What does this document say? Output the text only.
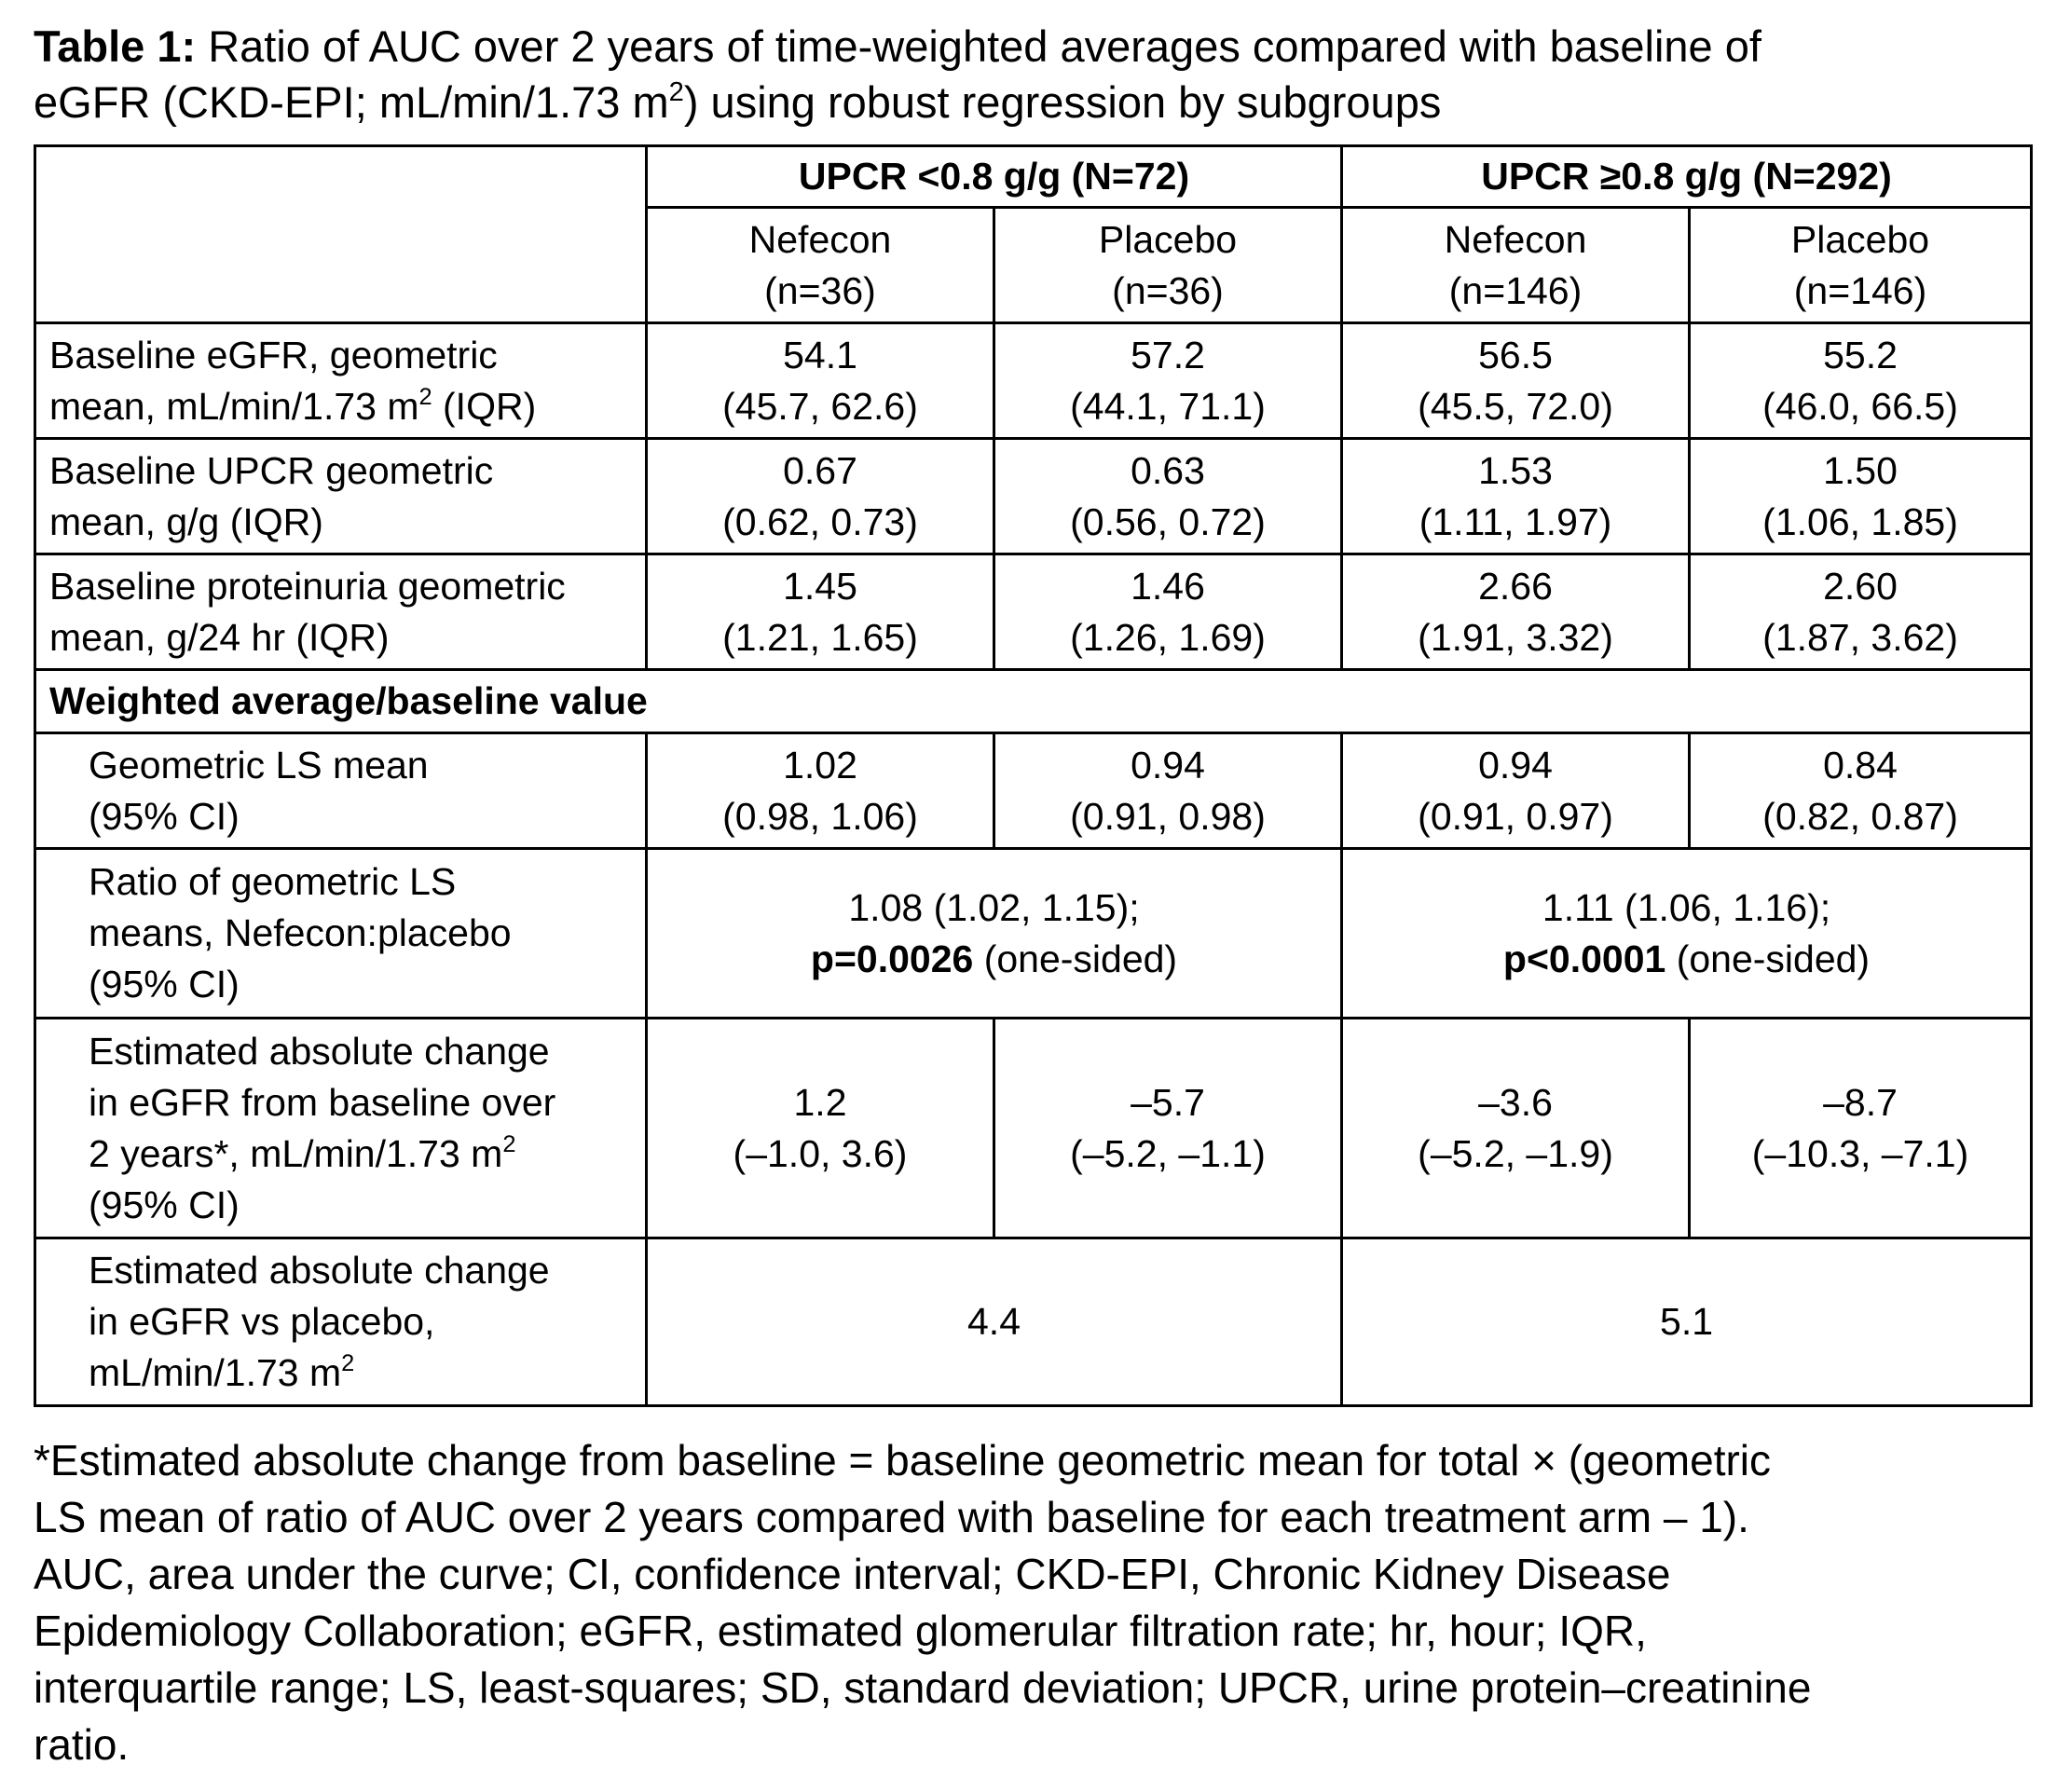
Table 1: Ratio of AUC over 2 years of time-weighted averages compared with baseline of
eGFR (CKD-EPI; mL/min/1.73 $m^2$) using robust regression by subgroups
	UPCR <0.8 g/g (N=72)		UPCR ≥0.8 g/g (N=292)	

	Nefecon
(n=36)	Placebo
(n=36)	Nefecon
(n=146)	Placebo
(n=146)

Baseline eGFR, geometric
mean, mL/min/1.73 $m^2$ (IQR)	54.1
(45.7, 62.6)	57.2
(44.1, 71.1)	56.5
(45.5, 72.0)	55.2
(46.0, 66.5)

Baseline UPCR geometric
mean, g/g (IQR)	0.67
(0.62, 0.73)	0.63
(0.56, 0.72)	1.53
(1.11, 1.97)	1.50
(1.06, 1.85)

Baseline proteinuria geometric
mean, g/24 hr (IQR)	1.45
(1.21, 1.65)	1.46
(1.26, 1.69)	2.66
(1.91, 3.32)	2.60
(1.87, 3.62)

Weighted average/baseline value				

Geometric LS mean
(95% CI)	1.02
(0.98, 1.06)	0.94
(0.91, 0.98)	0.94
(0.91, 0.97)	0.84
(0.82, 0.87)

Ratio of geometric LS
means, Nefecon:placebo
(95% CI)	1.08 (1.02, 1.15);
p=0.0026 (one-sided)		1.11 (1.06, 1.16);
p<0.0001 (one-sided)	

Estimated absolute change
in eGFR from baseline over
2 years*, mL/min/1.73 $m^2$
(95% CI)	1.2
(–1.0, 3.6)	–5.7
(–5.2, –1.1)	–3.6
(–5.2, –1.9)	–8.7
(–10.3, –7.1)

Estimated absolute change
in eGFR vs placebo,
mL/min/1.73 $m^2$	4.4		5.1	
*Estimated absolute change from baseline = baseline geometric mean for total × (geometric
LS mean of ratio of AUC over 2 years compared with baseline for each treatment arm – 1).
AUC, area under the curve; CI, confidence interval; CKD-EPI, Chronic Kidney Disease
Epidemiology Collaboration; eGFR, estimated glomerular filtration rate; hr, hour; IQR,
interquartile range; LS, least-squares; SD, standard deviation; UPCR, urine protein–creatinine
ratio.
